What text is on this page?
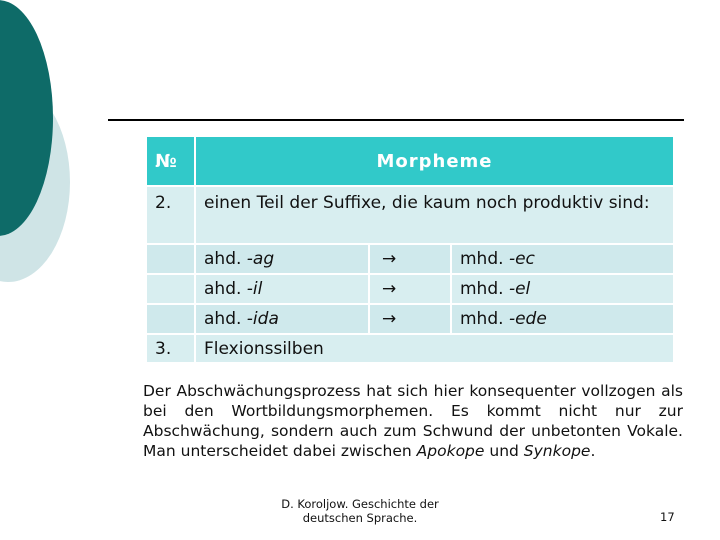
№	Morpheme		
2.	einen Teil der Suffixe, die kaum noch produktiv sind:		
	ahd. -ag	→	mhd. -ec
	ahd. -il	→	mhd. -el
	ahd. -ida	→	mhd. -ede
3.	Flexionssilben		
Der Abschwächungsprozess hat sich hier konsequenter vollzogen als bei den Wortbildungsmorphemen. Es kommt nicht nur zur Abschwächung, sondern auch zum Schwund der unbetonten Vokale. Man unterscheidet dabei zwischen Apokope und Synkope.
D. Koroljow. Geschichte der
deutschen Sprache.	17
